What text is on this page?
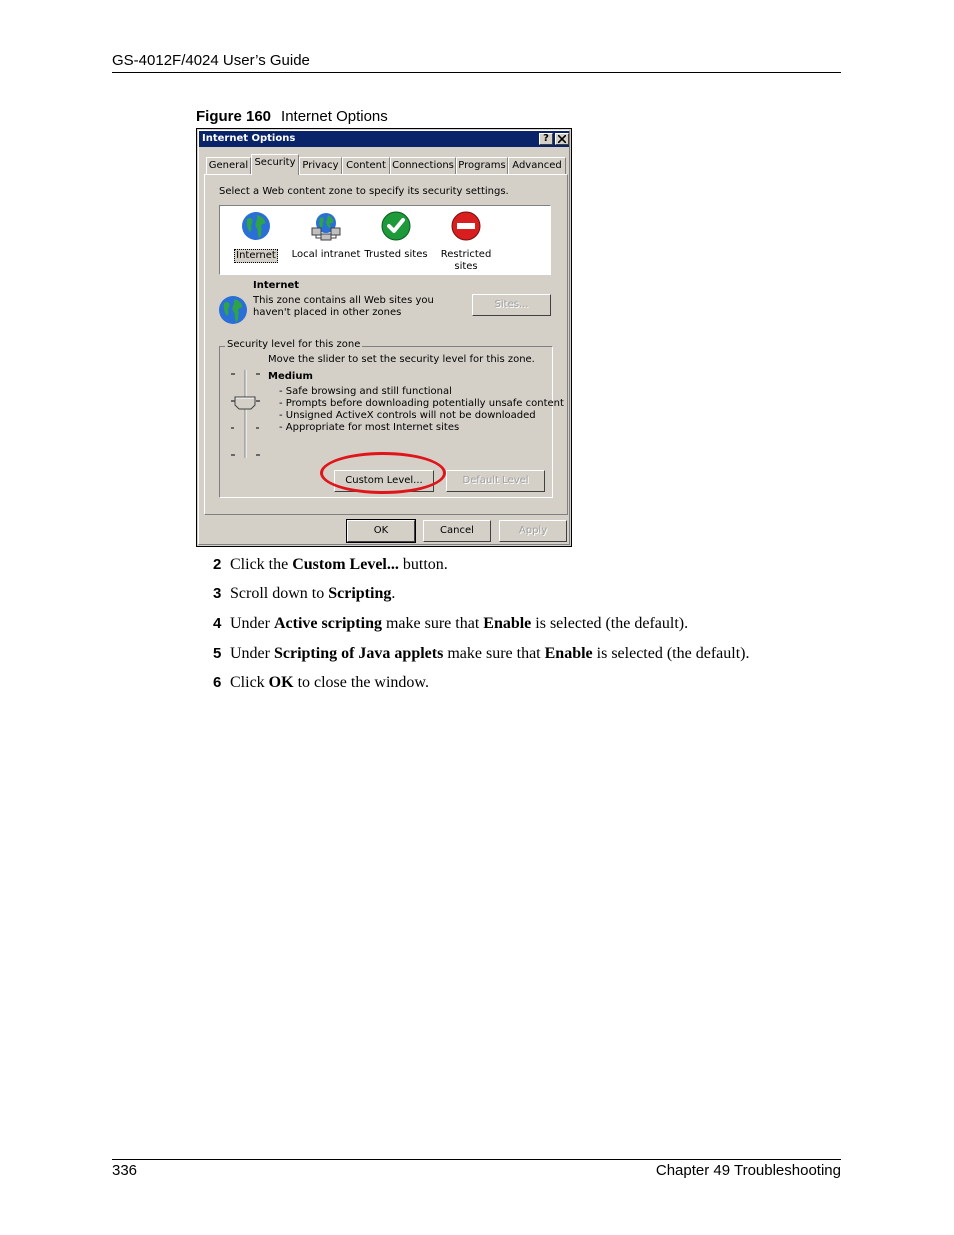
GS-4012F/4024 User’s Guide
Figure 160 Internet Options
Internet Options	?
General Security Privacy Content Connections Programs Advanced
Select a Web content zone to specify its security settings.
Internet	Local intranet Trusted sites	Restricted sites
Internet
This zone contains all Web sites you
haven't placed in other zones
Sites...
Security level for this zone
Move the slider to set the security level for this zone.
Medium
- Safe browsing and still functional
- Prompts before downloading potentially unsafe content
- Unsigned ActiveX controls will not be downloaded
- Appropriate for most Internet sites
Custom Level...	Default Level
OK	Cancel	Apply
2 Click the Custom Level... button.
3 Scroll down to Scripting.
4 Under Active scripting make sure that Enable is selected (the default).
5 Under Scripting of Java applets make sure that Enable is selected (the default).
6 Click OK to close the window.
336	Chapter 49 Troubleshooting
